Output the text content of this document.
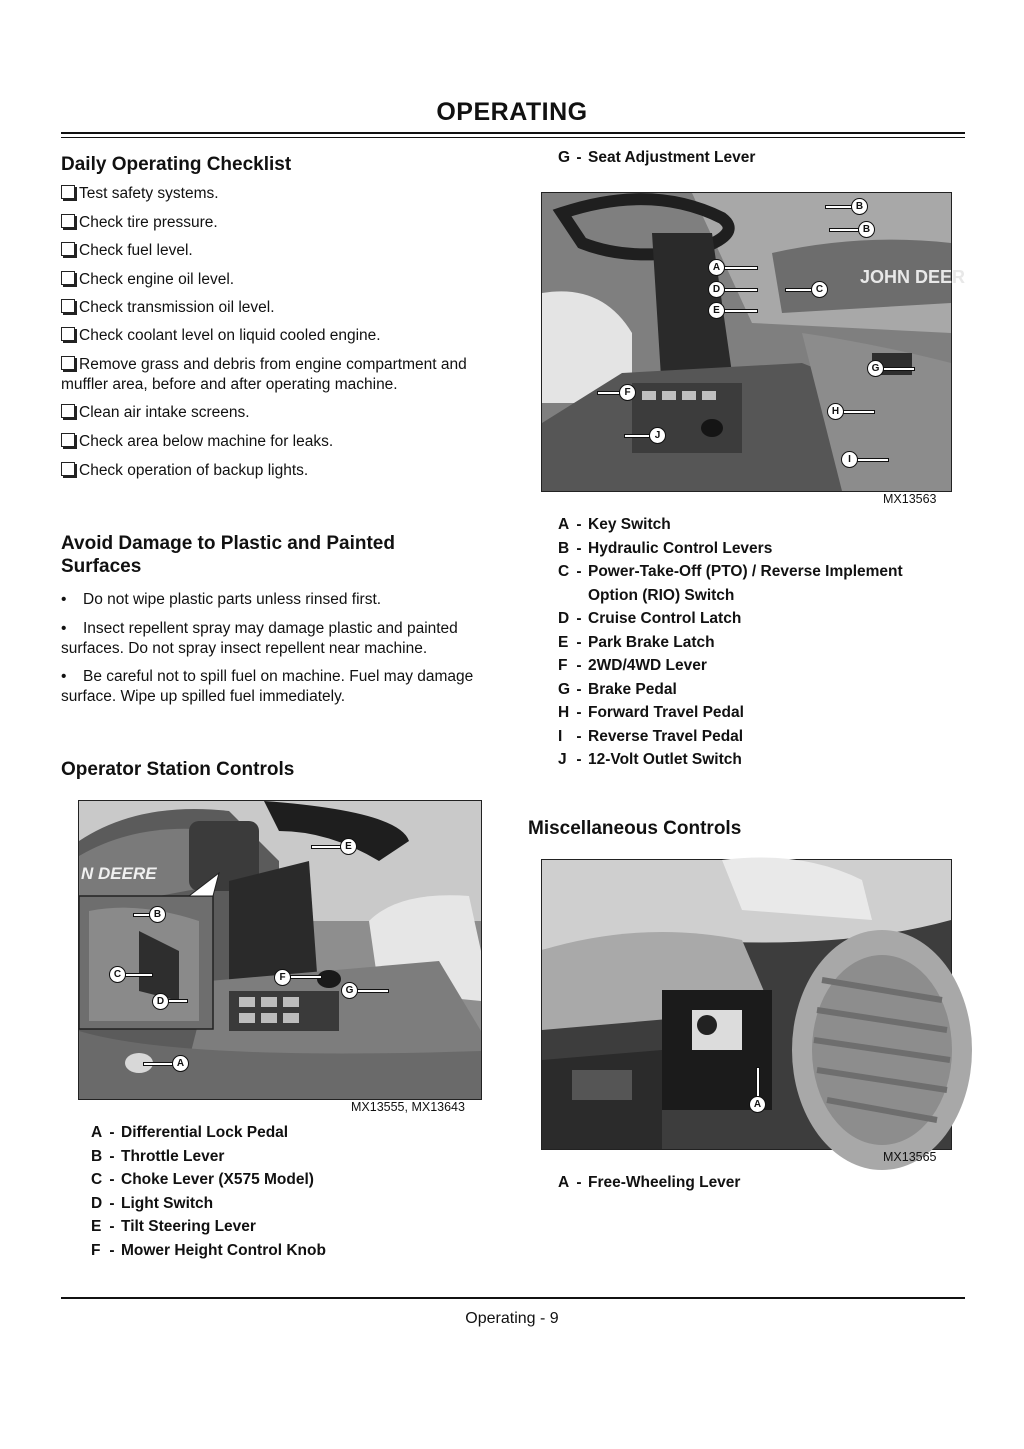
OPERATING
Daily Operating Checklist
Test safety systems.
Check tire pressure.
Check fuel level.
Check engine oil level.
Check transmission oil level.
Check coolant level on liquid cooled engine.
Remove grass and debris from engine compartment and muffler area, before and after operating machine.
Clean air intake screens.
Check area below machine for leaks.
Check operation of backup lights.
Avoid Damage to Plastic and Painted
Surfaces
• Do not wipe plastic parts unless rinsed first.
• Insect repellent spray may damage plastic and painted surfaces. Do not spray insect repellent near machine.
• Be careful not to spill fuel on machine. Fuel may damage surface. Wipe up spilled fuel immediately.
Operator Station Controls
N DEERE
E
B
C
D
F
G
A
MX13555, MX13643
A - Differential Lock Pedal
B - Throttle Lever
C - Choke Lever (X575 Model)
D - Light Switch
E - Tilt Steering Lever
F - Mower Height Control Knob
G - Seat Adjustment Lever
JOHN DEER
B
B
A
D
E
C
G
F
H
J
I
MX13563
A - Key Switch
B - Hydraulic Control Levers
C - Power-Take-Off (PTO) / Reverse Implement
Option (RIO) Switch
D - Cruise Control Latch
E - Park Brake Latch
F - 2WD/4WD Lever
G - Brake Pedal
H - Forward Travel Pedal
I - Reverse Travel Pedal
J - 12-Volt Outlet Switch
Miscellaneous Controls
A
MX13565
A - Free-Wheeling Lever
Operating - 9
